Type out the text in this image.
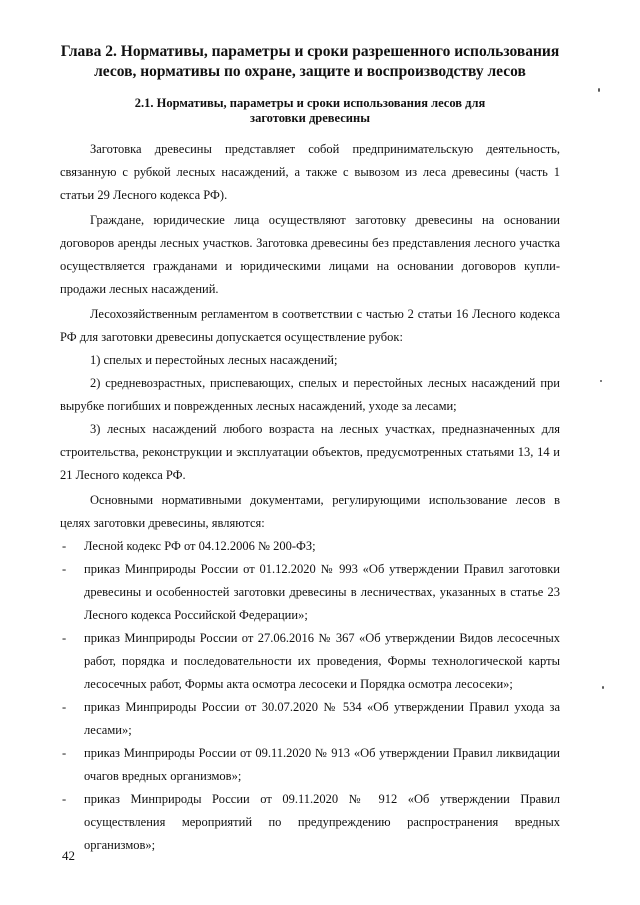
Глава 2. Нормативы, параметры и сроки разрешенного использования лесов, нормативы по охране, защите и воспроизводству лесов
2.1. Нормативы, параметры и сроки использования лесов для заготовки древесины

Заготовка древесины представляет собой предпринимательскую деятельность, связанную с рубкой лесных насаждений, а также с вывозом из леса древесины (часть 1 статьи 29 Лесного кодекса РФ).

Граждане, юридические лица осуществляют заготовку древесины на основании договоров аренды лесных участков. Заготовка древесины без представления лесного участка осуществляется гражданами и юридическими лицами на основании договоров купли-продажи лесных насаждений.

Лесохозяйственным регламентом в соответствии с частью 2 статьи 16 Лесного кодекса РФ для заготовки древесины допускается осуществление рубок:

1) спелых и перестойных лесных насаждений;

2) средневозрастных, приспевающих, спелых и перестойных лесных насаждений при вырубке погибших и поврежденных лесных насаждений, уходе за лесами;

3) лесных насаждений любого возраста на лесных участках, предназначенных для строительства, реконструкции и эксплуатации объектов, предусмотренных статьями 13, 14 и 21 Лесного кодекса РФ.

Основными нормативными документами, регулирующими использование лесов в целях заготовки древесины, являются:

- Лесной кодекс РФ от 04.12.2006 № 200-ФЗ;
- приказ Минприроды России от 01.12.2020 № 993 «Об утверждении Правил заготовки древесины и особенностей заготовки древесины в лесничествах, указанных в статье 23 Лесного кодекса Российской Федерации»;
- приказ Минприроды России от 27.06.2016 № 367 «Об утверждении Видов лесосечных работ, порядка и последовательности их проведения, Формы технологической карты лесосечных работ, Формы акта осмотра лесосеки и Порядка осмотра лесосеки»;
- приказ Минприроды России от 30.07.2020 № 534 «Об утверждении Правил ухода за лесами»;
- приказ Минприроды России от 09.11.2020 № 913 «Об утверждении Правил ликвидации очагов вредных организмов»;
- приказ Минприроды России от 09.11.2020 № 912 «Об утверждении Правил осуществления мероприятий по предупреждению распространения вредных организмов»;
42
